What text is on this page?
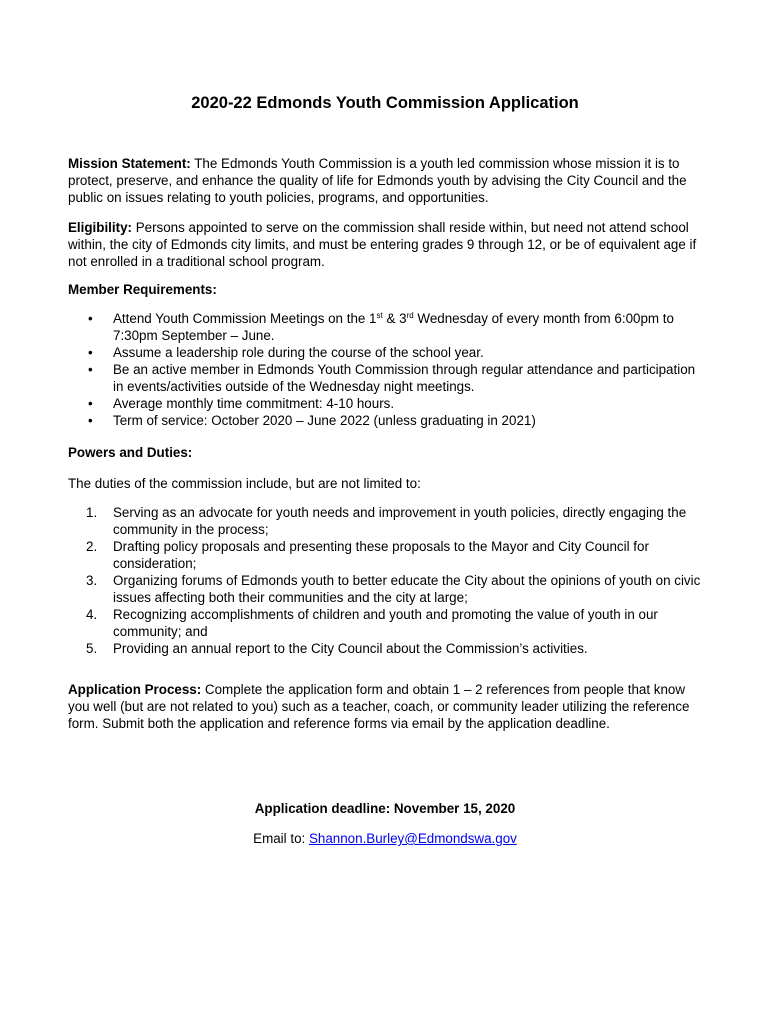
2020-22 Edmonds Youth Commission Application

Mission Statement: The Edmonds Youth Commission is a youth led commission whose mission it is to protect, preserve, and enhance the quality of life for Edmonds youth by advising the City Council and the public on issues relating to youth policies, programs, and opportunities.

Eligibility: Persons appointed to serve on the commission shall reside within, but need not attend school within, the city of Edmonds city limits, and must be entering grades 9 through 12, or be of equivalent age if not enrolled in a traditional school program.

Member Requirements:

• Attend Youth Commission Meetings on the 1st & 3rd Wednesday of every month from 6:00pm to 7:30pm September – June.
• Assume a leadership role during the course of the school year.
• Be an active member in Edmonds Youth Commission through regular attendance and participation in events/activities outside of the Wednesday night meetings.
• Average monthly time commitment: 4-10 hours.
• Term of service: October 2020 – June 2022 (unless graduating in 2021)

Powers and Duties:

The duties of the commission include, but are not limited to:

1. Serving as an advocate for youth needs and improvement in youth policies, directly engaging the community in the process;
2. Drafting policy proposals and presenting these proposals to the Mayor and City Council for consideration;
3. Organizing forums of Edmonds youth to better educate the City about the opinions of youth on civic issues affecting both their communities and the city at large;
4. Recognizing accomplishments of children and youth and promoting the value of youth in our community; and
5. Providing an annual report to the City Council about the Commission’s activities.

Application Process: Complete the application form and obtain 1 – 2 references from people that know you well (but are not related to you) such as a teacher, coach, or community leader utilizing the reference form. Submit both the application and reference forms via email by the application deadline.

Application deadline: November 15, 2020

Email to: Shannon.Burley@Edmondswa.gov
